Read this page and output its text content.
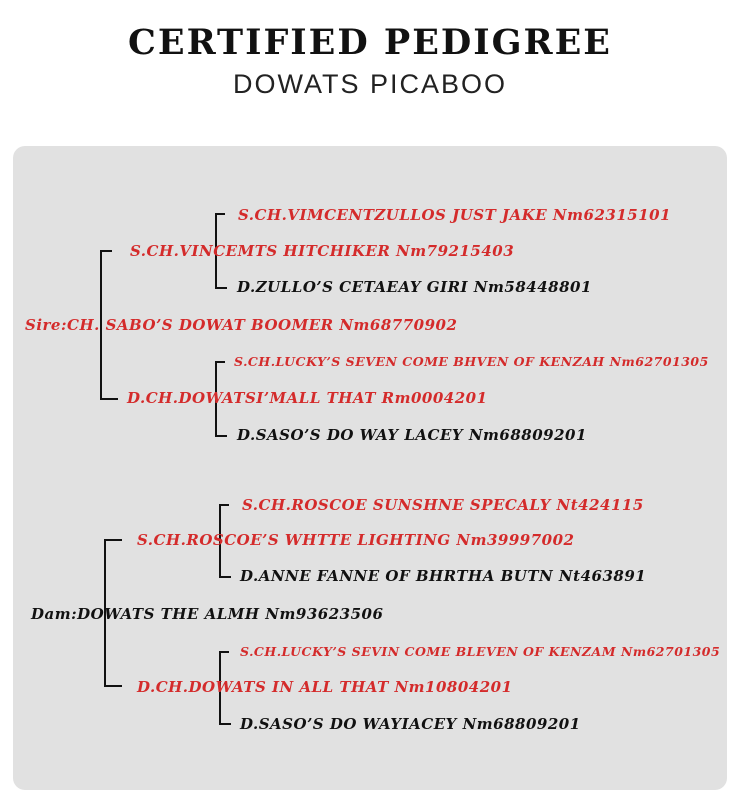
CERTIFIED PEDIGREE
DOWATS PICABOO
S.CH.VIMCENTZULLOS JUST JAKE Nm62315101
S.CH.VINCEMTS HITCHIKER Nm79215403
D.ZULLO’S CETAEAY GIRI Nm58448801
Sire:CH. SABO’S DOWAT BOOMER Nm68770902
S.CH.LUCKY’S SEVEN COME BHVEN OF KENZAH Nm62701305
D.CH.DOWATSI’MALL THAT Rm0004201
D.SASO’S DO WAY LACEY Nm68809201
S.CH.ROSCOE SUNSHNE SPECALY Nt424115
S.CH.ROSCOE’S WHTTE LIGHTING Nm39997002
D.ANNE FANNE OF BHRTHA BUTN Nt463891
Dam:DOWATS THE ALMH Nm93623506
S.CH.LUCKY’S SEVIN COME BLEVEN OF KENZAM Nm62701305
D.CH.DOWATS IN ALL THAT Nm10804201
D.SASO’S DO WAYIACEY Nm68809201
